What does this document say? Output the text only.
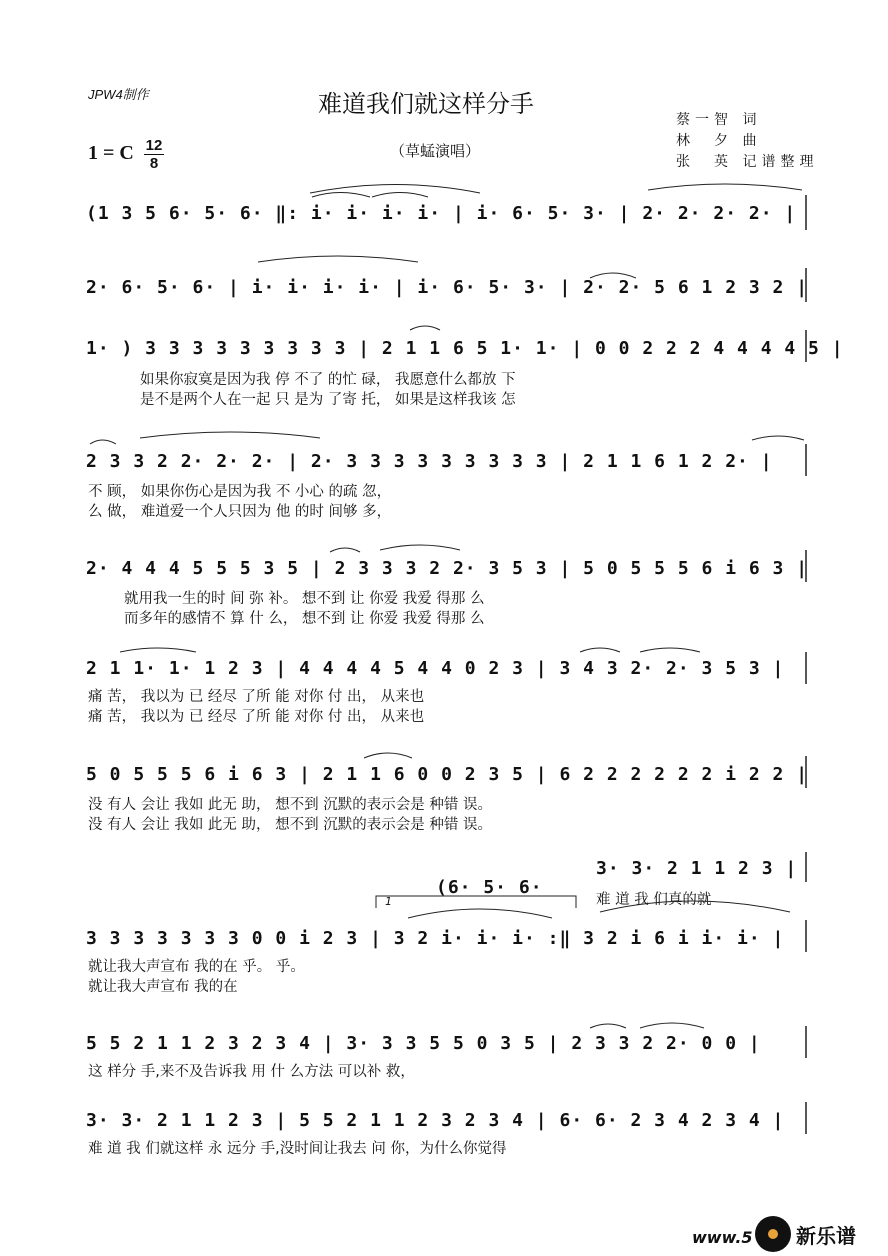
JPW4制作	难道我们就这样分手
1 = C 12
8
（草蜢演唱）
蔡一智 词
林　夕 曲
张　英 记谱整理
(1 3 5 6· 5· 6· ‖: i· i· i· i· | i· 6· 5· 3· | 2· 2· 2· 2· |
2· 6· 5· 6· | i· i· i· i· | i· 6· 5· 3· | 2· 2· 5 6 1 2 3 2 |
1· ) 3 3 3 3 3 3 3 3 3 | 2 1 1 6 5 1· 1· | 0 0 2 2 2 4 4 4 4 5 |
如果你寂寞是因为我 停 不了 的忙 碌， 我愿意什么都放 下
是不是两个人在一起 只 是为 了寄 托， 如果是这样我该 怎
2 3 3 2 2· 2· 2· | 2· 3 3 3 3 3 3 3 3 3 | 2 1 1 6 1 2 2· |
不 顾， 如果你伤心是因为我 不 小心 的疏 忽，
么 做， 难道爱一个人只因为 他 的时 间够 多，
2· 4 4 4 5 5 5 3 5 | 2 3 3 3 2 2· 3 5 3 | 5 0 5 5 5 6 i 6 3 |
就用我一生的时 间 弥 补。 想不到 让 你爱 我爱 得那 么
而多年的感情不 算 什 么， 想不到 让 你爱 我爱 得那 么
2 1 1· 1· 1 2 3 | 4 4 4 4 5 4 4 0 2 3 | 3 4 3 2· 2· 3 5 3 |
痛 苦， 我以为 已 经尽 了所 能 对你 付 出， 从来也
痛 苦， 我以为 已 经尽 了所 能 对你 付 出， 从来也
5 0 5 5 5 6 i 6 3 | 2 1 1 6 0 0 2 3 5 | 6 2 2 2 2 2 2 i 2 2 |
没 有人 会让 我如 此无 助， 想不到 沉默的表示会是 种错 误。
没 有人 会让 我如 此无 助， 想不到 沉默的表示会是 种错 误。
3· 3· 2 1 1 2 3 |
难 道 我 们真的就
(6· 5· 6·
1
3 3 3 3 3 3 3 0 0 i 2 3 | 3 2 i· i· i· :‖ 3 2 i 6 i i· i· |
就让我大声宣布 我的在 乎。 乎。
就让我大声宣布 我的在
5 5 2 1 1 2 3 2 3 4 | 3· 3 3 5 5 0 3 5 | 2 3 3 2 2· 0 0 |
这 样分 手,来不及告诉我 用 什 么方法 可以补 救，
3· 3· 2 1 1 2 3 | 5 5 2 1 1 2 3 2 3 4 | 6· 6· 2 3 4 2 3 4 |
难 道 我 们就这样 永 远分 手,没时间让我去 问 你，为什么你觉得
www.5 新乐谱
